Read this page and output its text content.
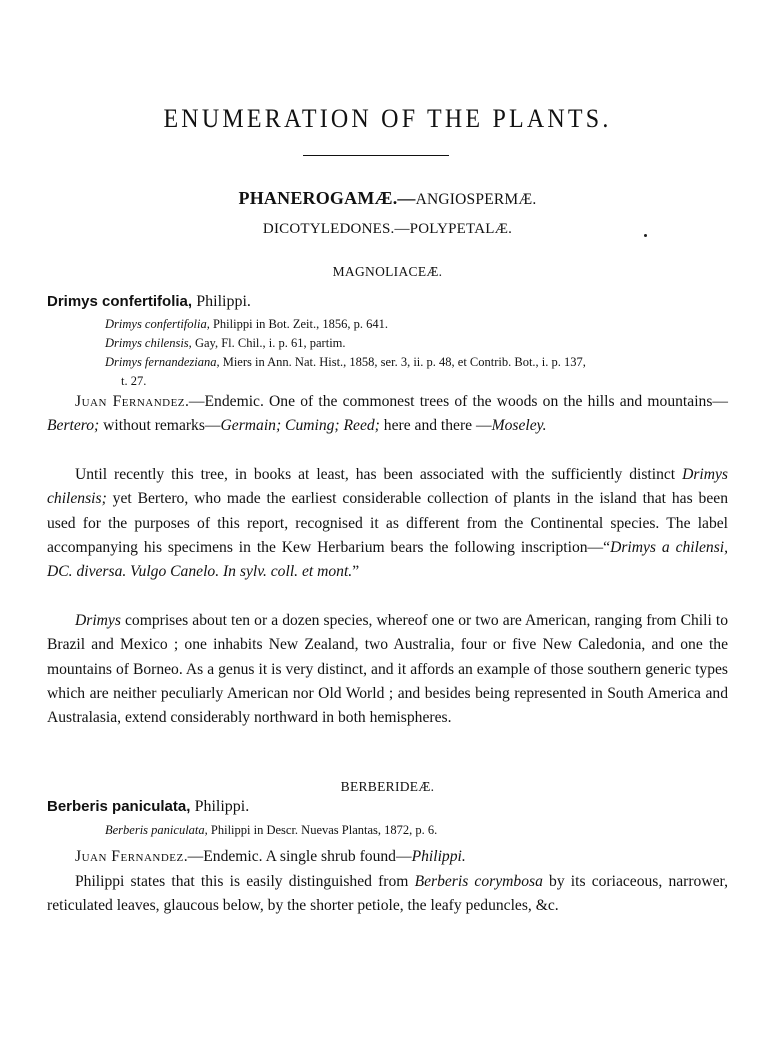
ENUMERATION OF THE PLANTS.
PHANEROGAMÆ.—ANGIOSPERMÆ.
DICOTYLEDONES.—POLYPETALÆ.
MAGNOLIACEÆ.
Drimys confertifolia, Philippi.
Drimys confertifolia, Philippi in Bot. Zeit., 1856, p. 641.
Drimys chilensis, Gay, Fl. Chil., i. p. 61, partim.
Drimys fernandeziana, Miers in Ann. Nat. Hist., 1858, ser. 3, ii. p. 48, et Contrib. Bot., i. p. 137,
t. 27.

Juan Fernandez.—Endemic. One of the commonest trees of the woods on the hills and mountains—Bertero; without remarks—Germain; Cuming; Reed; here and there —Moseley.

Until recently this tree, in books at least, has been associated with the sufficiently distinct Drimys chilensis; yet Bertero, who made the earliest considerable collection of plants in the island that has been used for the purposes of this report, recognised it as different from the Continental species. The label accompanying his specimens in the Kew Herbarium bears the following inscription—“Drimys a chilensi, DC. diversa. Vulgo Canelo. In sylv. coll. et mont.”

Drimys comprises about ten or a dozen species, whereof one or two are American, ranging from Chili to Brazil and Mexico ; one inhabits New Zealand, two Australia, four or five New Caledonia, and one the mountains of Borneo. As a genus it is very distinct, and it affords an example of those southern generic types which are neither peculiarly American nor Old World ; and besides being represented in South America and Australasia, extend considerably northward in both hemispheres.

BERBERIDEÆ.
Berberis paniculata, Philippi.
Berberis paniculata, Philippi in Descr. Nuevas Plantas, 1872, p. 6.

Juan Fernandez.—Endemic. A single shrub found—Philippi.

Philippi states that this is easily distinguished from Berberis corymbosa by its coriaceous, narrower, reticulated leaves, glaucous below, by the shorter petiole, the leafy peduncles, &c.
